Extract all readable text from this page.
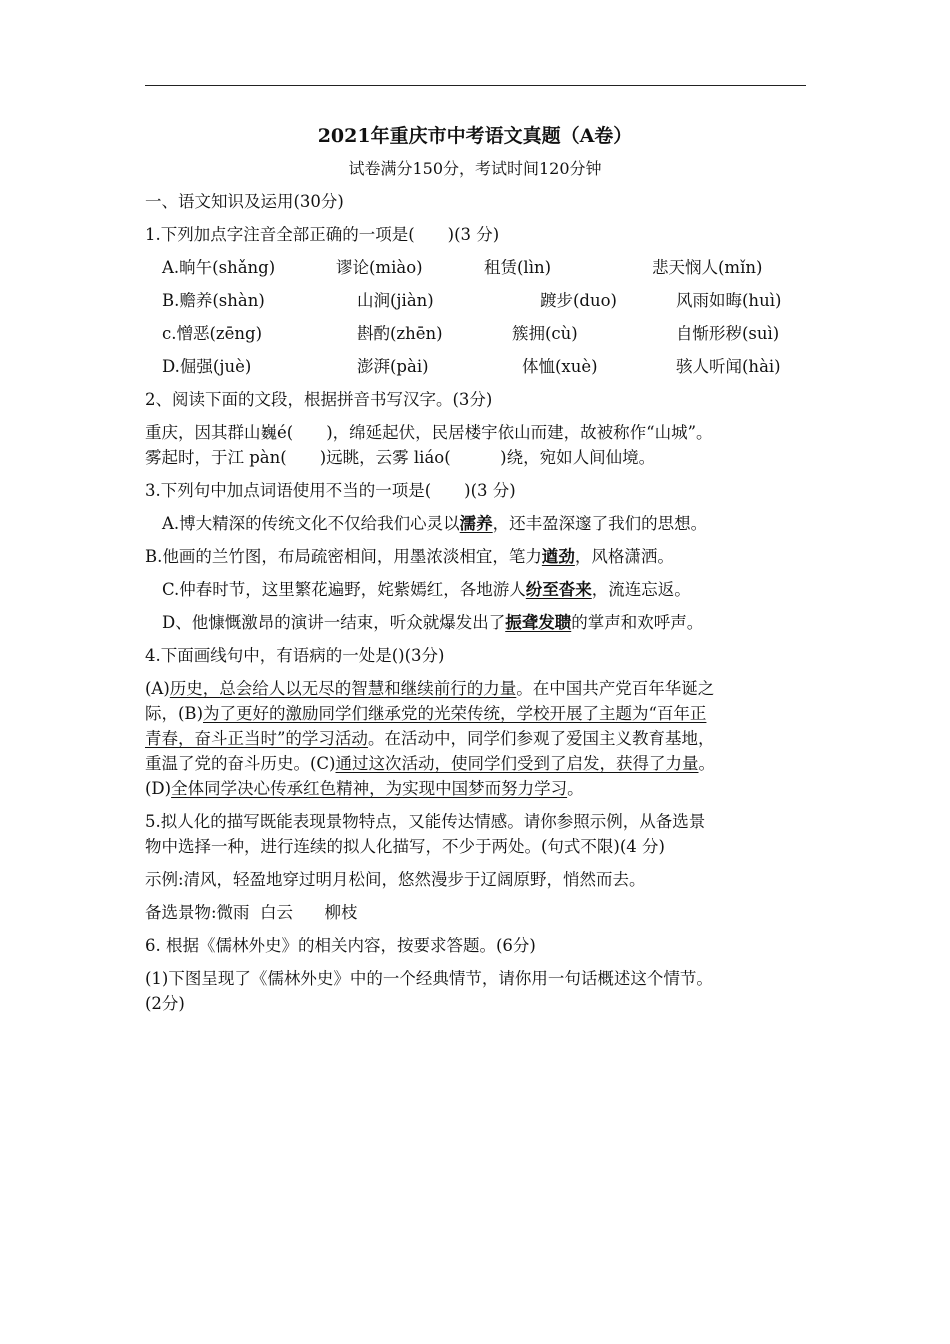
2021年重庆市中考语文真题（A卷）
试卷满分150分，考试时间120分钟
一、语文知识及运用(30分)
1.下列加点字注音全部正确的一项是(　　)(3 分)
A.晌午(shǎng)	谬论(miào)	租赁(lìn)	悲天悯人(mǐn)
B.赡养(shàn)	山涧(jiàn)	踱步(duo)	风雨如晦(huì)
c.憎恶(zēng)	斟酌(zhēn)	簇拥(cù)	自惭形秽(suì)
D.倔强(juè)	澎湃(pài)	体恤(xuè)	骇人听闻(hài)
2、阅读下面的文段，根据拼音书写汉字。(3分)
重庆，因其群山巍é(　　)，绵延起伏，民居楼宇依山而建，故被称作“山城”。
雾起时，于江 pàn(　　)远眺，云雾 liáo(　　　)绕，宛如人间仙境。
3.下列句中加点词语使用不当的一项是(　　)(3 分)
A.博大精深的传统文化不仅给我们心灵以濡养，还丰盈深邃了我们的思想。
B.他画的兰竹图，布局疏密相间，用墨浓淡相宜，笔力遒劲，风格潇洒。
C.仲春时节，这里繁花遍野，姹紫嫣红，各地游人纷至沓来，流连忘返。
D、他慷慨激昂的演讲一结束，听众就爆发出了振聋发聩的掌声和欢呼声。
4.下面画线句中，有语病的一处是()(3分)
(A)历史，总会给人以无尽的智慧和继续前行的力量。在中国共产党百年华诞之
际，(B)为了更好的激励同学们继承党的光荣传统，学校开展了主题为“百年正
青春，奋斗正当时”的学习活动。在活动中，同学们参观了爱国主义教育基地，
重温了党的奋斗历史。(C)通过这次活动，使同学们受到了启发，获得了力量。
(D)全体同学决心传承红色精神，为实现中国梦而努力学习。
5.拟人化的描写既能表现景物特点，又能传达情感。请你参照示例，从备选景
物中选择一种，进行连续的拟人化描写，不少于两处。(句式不限)(4 分)
示例:清风，轻盈地穿过明月松间，悠然漫步于辽阔原野，悄然而去。
备选景物:微雨  白云      柳枝
6. 根据《儒林外史》的相关内容，按要求答题。(6分)
(1)下图呈现了《儒林外史》中的一个经典情节，请你用一句话概述这个情节。
(2分)
